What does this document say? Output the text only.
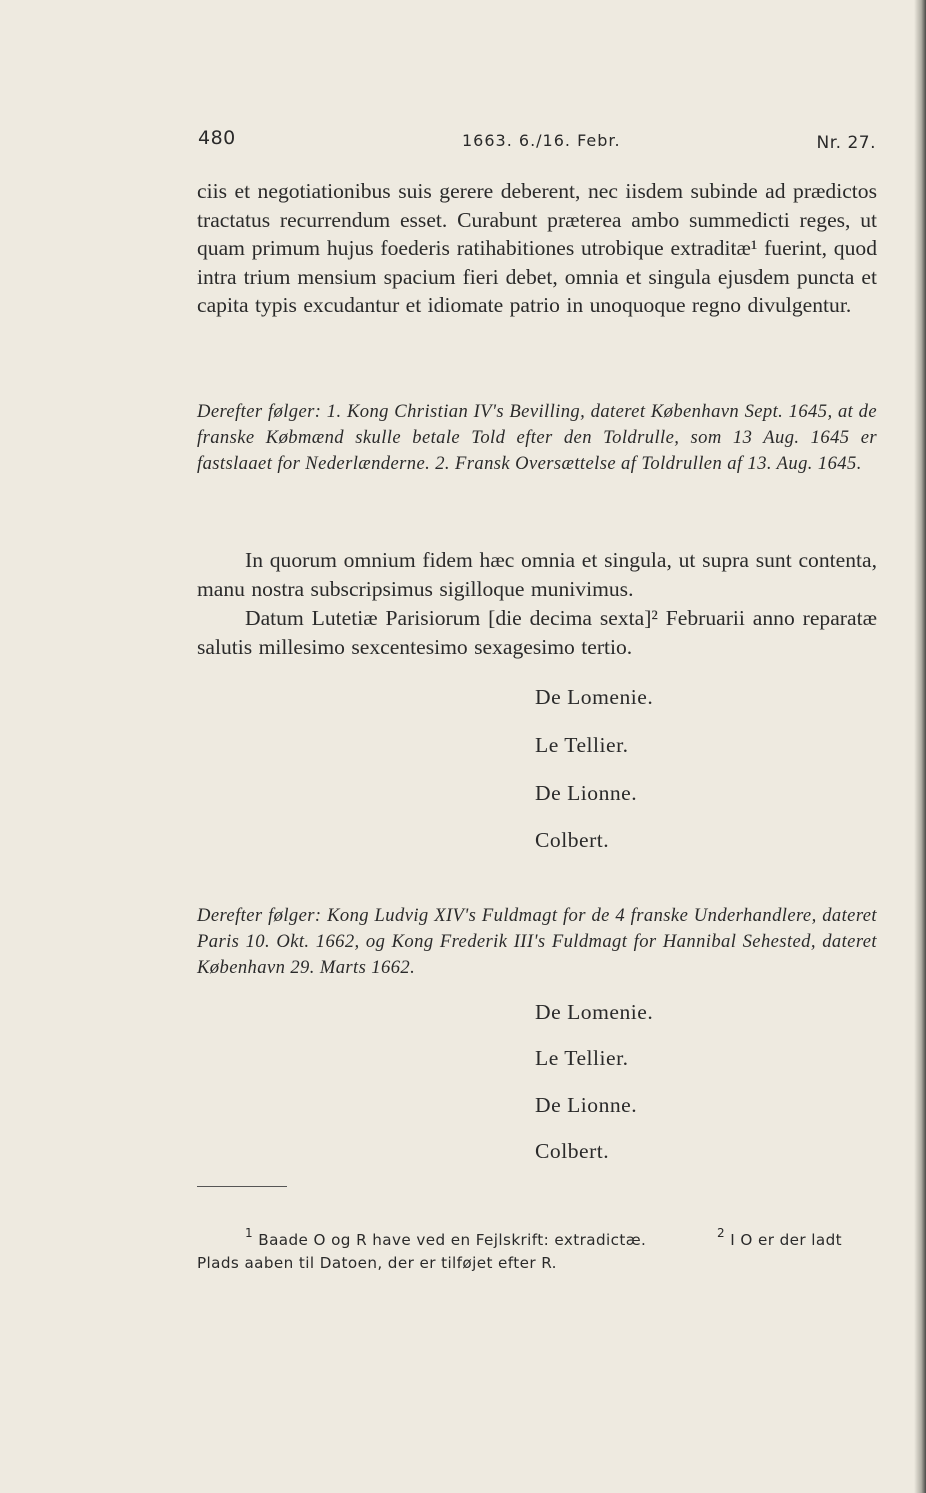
480	1663. 6./16. Febr.	Nr. 27.
ciis et negotiationibus suis gerere deberent, nec iisdem subinde ad prædictos tractatus recurrendum esset. Curabunt præterea ambo summedicti reges, ut quam primum hujus foederis ratihabitiones utrobique extraditæ¹ fuerint, quod intra trium mensium spacium fieri debet, omnia et singula ejusdem puncta et capita typis excudantur et idiomate patrio in unoquoque regno divulgentur.
Derefter følger: 1. Kong Christian IV's Bevilling, dateret København Sept. 1645, at de franske Købmænd skulle betale Told efter den Toldrulle, som 13 Aug. 1645 er fastslaaet for Nederlænderne. 2. Fransk Oversættelse af Toldrullen af 13. Aug. 1645.
In quorum omnium fidem hæc omnia et singula, ut supra sunt contenta, manu nostra subscripsimus sigilloque munivimus.
Datum Lutetiæ Parisiorum [die decima sexta]² Februarii anno reparatæ salutis millesimo sexcentesimo sexagesimo tertio.
De Lomenie.
Le Tellier.
De Lionne.
Colbert.
Derefter følger: Kong Ludvig XIV's Fuldmagt for de 4 franske Underhandlere, dateret Paris 10. Okt. 1662, og Kong Frederik III's Fuldmagt for Hannibal Sehested, dateret København 29. Marts 1662.
De Lomenie.
Le Tellier.
De Lionne.
Colbert.
$^1$ Baade O og R have ved en Fejlskrift: extradictæ.	$^2$ I O er der ladt
Plads aaben til Datoen, der er tilføjet efter R.
